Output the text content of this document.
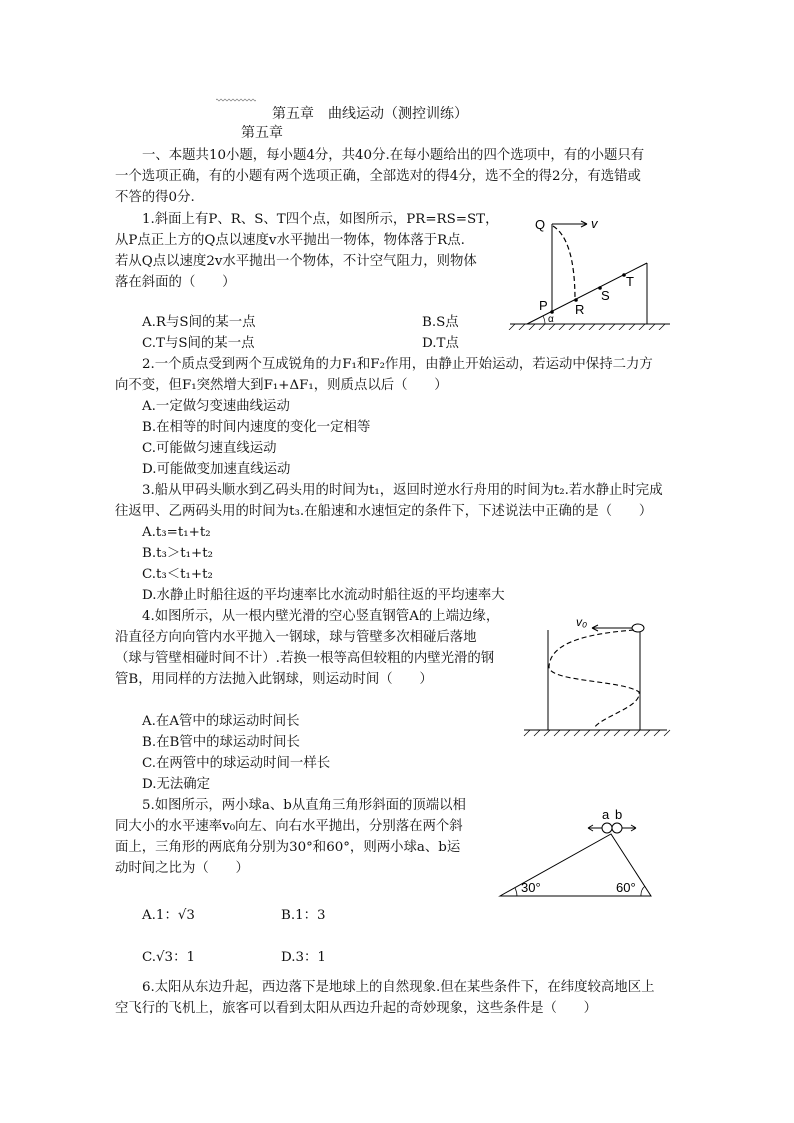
第五章　曲线运动（测控训练）
第五章
一、本题共10小题，每小题4分，共40分.在每小题给出的四个选项中，有的小题只有
一个选项正确，有的小题有两个选项正确，全部选对的得4分，选不全的得2分，有选错或
不答的得0分.
1.斜面上有P、R、S、T四个点，如图所示，PR=RS=ST，
从P点正上方的Q点以速度v水平抛出一物体，物体落于R点.
若从Q点以速度2v水平抛出一个物体，不计空气阻力，则物体
落在斜面的（　　）
A.R与S间的某一点	B.S点
C.T与S间的某一点	D.T点
Q	v
P R
S
T
α
2.一个质点受到两个互成锐角的力F₁和F₂作用，由静止开始运动，若运动中保持二力方
向不变，但F₁突然增大到F₁+ΔF₁，则质点以后（　　）
A.一定做匀变速曲线运动
B.在相等的时间内速度的变化一定相等
C.可能做匀速直线运动
D.可能做变加速直线运动
3.船从甲码头顺水到乙码头用的时间为t₁，返回时逆水行舟用的时间为t₂.若水静止时完成
往返甲、乙两码头用的时间为t₃.在船速和水速恒定的条件下，下述说法中正确的是（　　）
A.t₃=t₁+t₂
B.t₃＞t₁+t₂
C.t₃＜t₁+t₂
D.水静止时船往返的平均速率比水流动时船往返的平均速率大
4.如图所示，从一根内壁光滑的空心竖直钢管A的上端边缘，
沿直径方向向管内水平抛入一钢球，球与管壁多次相碰后落地
（球与管壁相碰时间不计）.若换一根等高但较粗的内壁光滑的钢
管B，用同样的方法抛入此钢球，则运动时间（　　）
A.在A管中的球运动时间长
B.在B管中的球运动时间长
C.在两管中的球运动时间一样长
D.无法确定
v₀
5.如图所示，两小球a、b从直角三角形斜面的顶端以相
同大小的水平速率v₀向左、向右水平抛出，分别落在两个斜
面上，三角形的两底角分别为30°和60°，则两小球a、b运
动时间之比为（　　）
A.1：√3	B.1：3
C.√3：1	D.3：1
a b
30°	60°
6.太阳从东边升起，西边落下是地球上的自然现象.但在某些条件下，在纬度较高地区上
空飞行的飞机上，旅客可以看到太阳从西边升起的奇妙现象，这些条件是（　　）
